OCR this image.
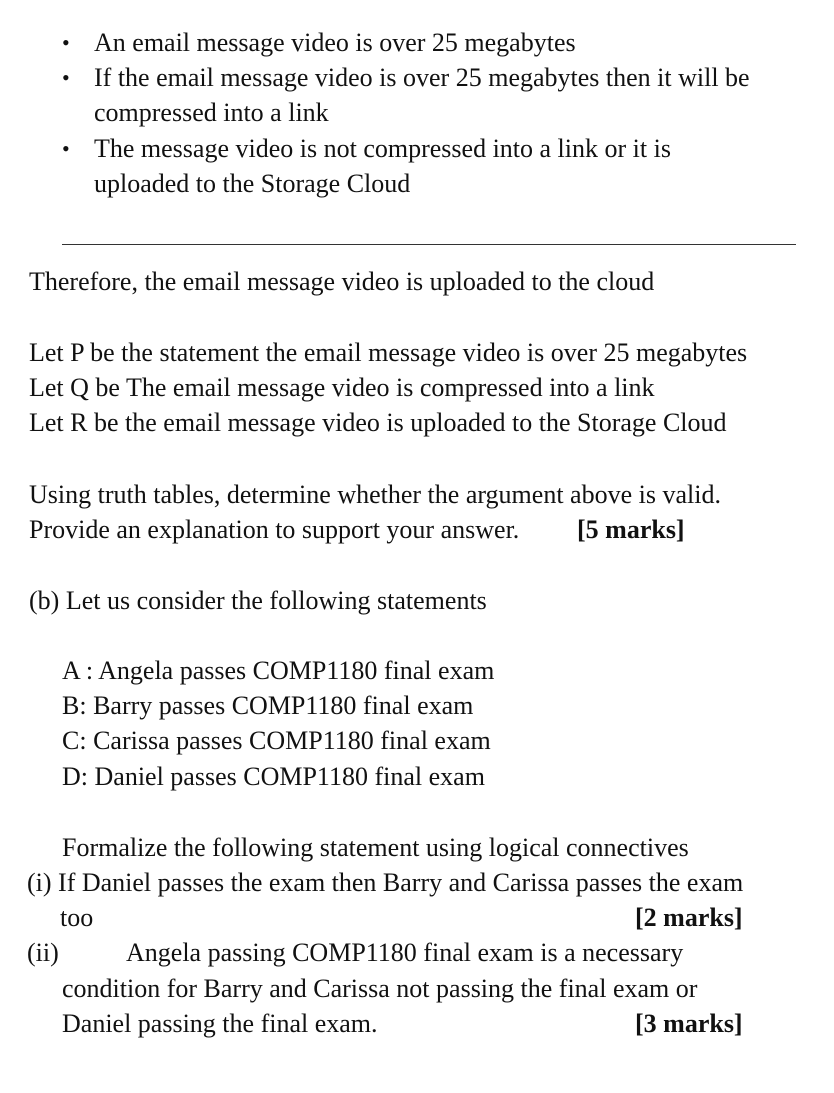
• An email message video is over 25 megabytes
• If the email message video is over 25 megabytes then it will be
compressed into a link
• The message video is not compressed into a link or it is
uploaded to the Storage Cloud
Therefore, the email message video is uploaded to the cloud
Let P be the statement the email message video is over 25 megabytes
Let Q be The email message video is compressed into a link
Let R be the email message video is uploaded to the Storage Cloud
Using truth tables, determine whether the argument above is valid.
Provide an explanation to support your answer. [5 marks]
(b) Let us consider the following statements
A : Angela passes COMP1180 final exam
B: Barry passes COMP1180 final exam
C: Carissa passes COMP1180 final exam
D: Daniel passes COMP1180 final exam
Formalize the following statement using logical connectives
(i) If Daniel passes the exam then Barry and Carissa passes the exam
too	[2 marks]
(ii)	Angela passing COMP1180 final exam is a necessary
condition for Barry and Carissa not passing the final exam or
Daniel passing the final exam.	[3 marks]
